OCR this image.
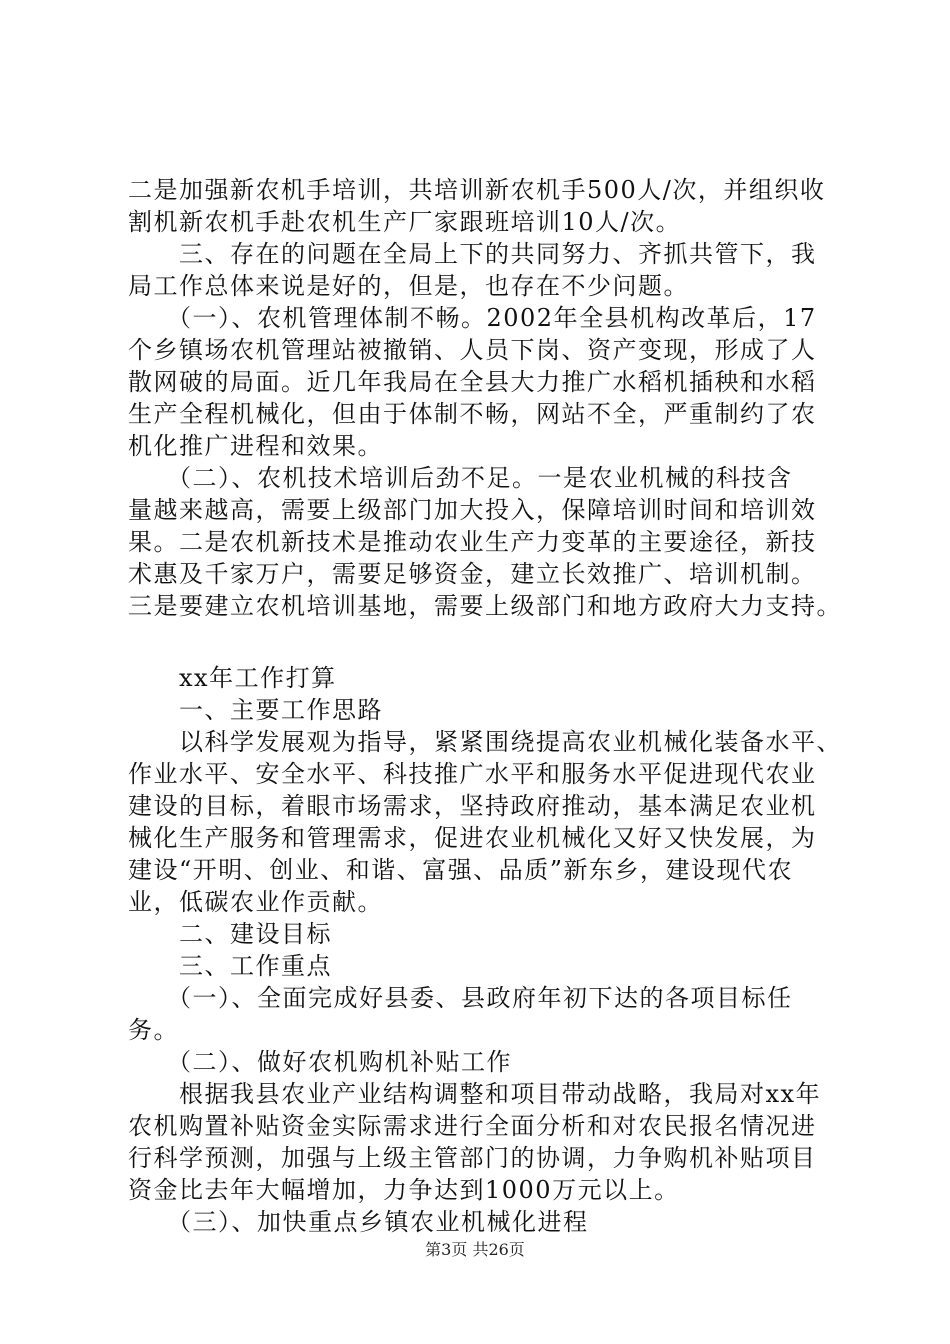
二是加强新农机手培训，共培训新农机手500人/次，并组织收
割机新农机手赴农机生产厂家跟班培训10人/次。
　　三、存在的问题在全局上下的共同努力、齐抓共管下，我
局工作总体来说是好的，但是，也存在不少问题。
　　（一）、农机管理体制不畅。2002年全县机构改革后，17
个乡镇场农机管理站被撤销、人员下岗、资产变现，形成了人
散网破的局面。近几年我局在全县大力推广水稻机插秧和水稻
生产全程机械化，但由于体制不畅，网站不全，严重制约了农
机化推广进程和效果。
　　（二）、农机技术培训后劲不足。一是农业机械的科技含
量越来越高，需要上级部门加大投入，保障培训时间和培训效
果。二是农机新技术是推动农业生产力变革的主要途径，新技
术惠及千家万户，需要足够资金，建立长效推广、培训机制。
三是要建立农机培训基地，需要上级部门和地方政府大力支持。
　　xx年工作打算
　　一、主要工作思路
　　以科学发展观为指导，紧紧围绕提高农业机械化装备水平、
作业水平、安全水平、科技推广水平和服务水平促进现代农业
建设的目标，着眼市场需求，坚持政府推动，基本满足农业机
械化生产服务和管理需求，促进农业机械化又好又快发展，为
建设“开明、创业、和谐、富强、品质”新东乡，建设现代农
业，低碳农业作贡献。
　　二、建设目标
　　三、工作重点
　　（一）、全面完成好县委、县政府年初下达的各项目标任
务。
　　（二）、做好农机购机补贴工作
　　根据我县农业产业结构调整和项目带动战略，我局对xx年
农机购置补贴资金实际需求进行全面分析和对农民报名情况进
行科学预测，加强与上级主管部门的协调，力争购机补贴项目
资金比去年大幅增加，力争达到1000万元以上。
　　（三）、加快重点乡镇农业机械化进程
第3页 共26页
